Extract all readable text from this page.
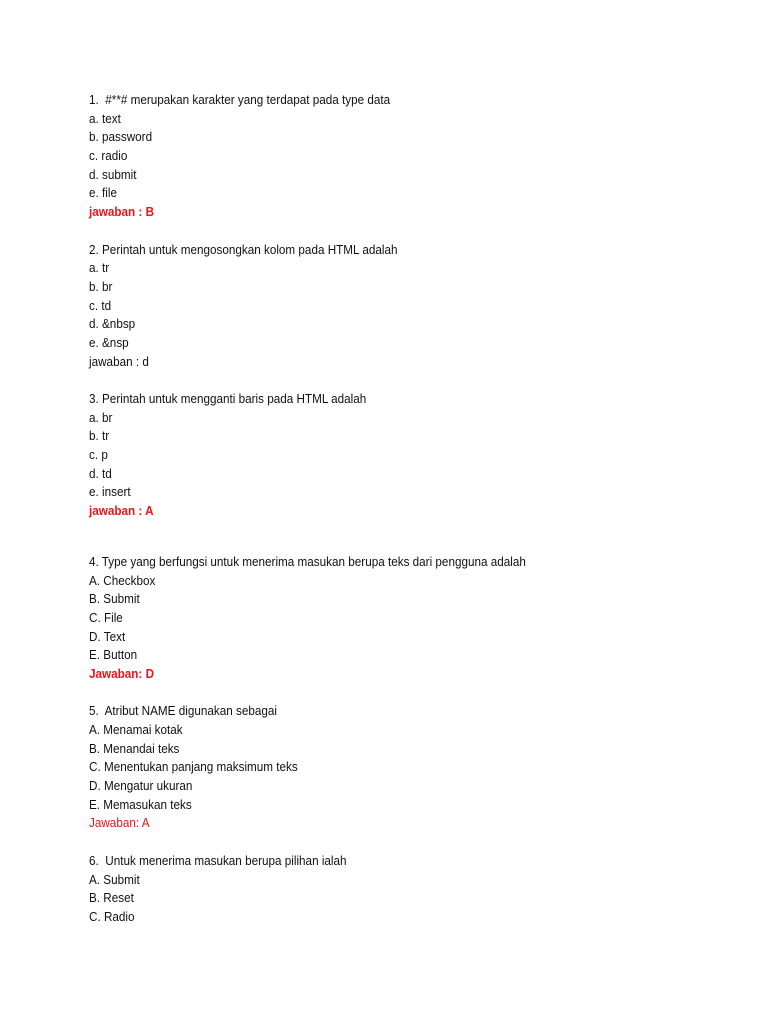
1.  #**# merupakan karakter yang terdapat pada type data
a. text
b. password
c. radio
d. submit
e. file
jawaban : B
2. Perintah untuk mengosongkan kolom pada HTML adalah
a. tr
b. br
c. td
d. &nbsp
e. &nsp
jawaban : d
3. Perintah untuk mengganti baris pada HTML adalah
a. br
b. tr
c. p
d. td
e. insert
jawaban : A
4. Type yang berfungsi untuk menerima masukan berupa teks dari pengguna adalah
A. Checkbox
B. Submit
C. File
D. Text
E. Button
Jawaban: D
5.  Atribut NAME digunakan sebagai
A. Menamai kotak
B. Menandai teks
C. Menentukan panjang maksimum teks
D. Mengatur ukuran
E. Memasukan teks
Jawaban: A
6.  Untuk menerima masukan berupa pilihan ialah
A. Submit
B. Reset
C. Radio
